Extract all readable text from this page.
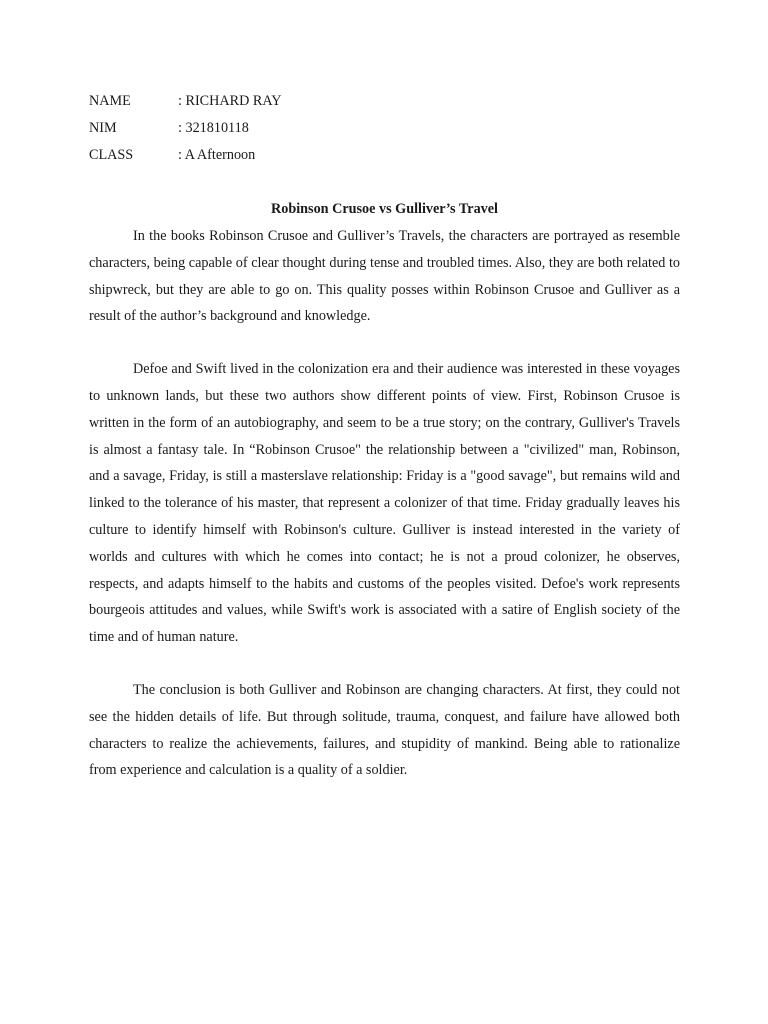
NAME	: RICHARD RAY
NIM	: 321810118
CLASS	: A Afternoon
Robinson Crusoe vs Gulliver’s Travel

In the books Robinson Crusoe and Gulliver’s Travels, the characters are portrayed as resemble characters, being capable of clear thought during tense and troubled times. Also, they are both related to shipwreck, but they are able to go on. This quality posses within Robinson Crusoe and Gulliver as a result of the author’s background and knowledge.

Defoe and Swift lived in the colonization era and their audience was interested in these voyages to unknown lands, but these two authors show different points of view. First, Robinson Crusoe is written in the form of an autobiography, and seem to be a true story; on the contrary, Gulliver's Travels is almost a fantasy tale. In “Robinson Crusoe" the relationship between a "civilized" man, Robinson, and a savage, Friday, is still a masterslave relationship: Friday is a "good savage", but remains wild and linked to the tolerance of his master, that represent a colonizer of that time. Friday gradually leaves his culture to identify himself with Robinson's culture. Gulliver is instead interested in the variety of worlds and cultures with which he comes into contact; he is not a proud colonizer, he observes, respects, and adapts himself to the habits and customs of the peoples visited. Defoe's work represents bourgeois attitudes and values, while Swift's work is associated with a satire of English society of the time and of human nature.

The conclusion is both Gulliver and Robinson are changing characters. At first, they could not see the hidden details of life. But through solitude, trauma, conquest, and failure have allowed both characters to realize the achievements, failures, and stupidity of mankind. Being able to rationalize from experience and calculation is a quality of a soldier.
